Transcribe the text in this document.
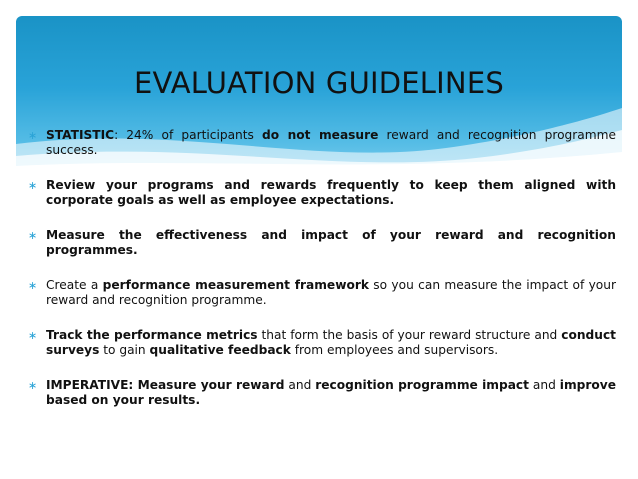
EVALUATION GUIDELINES
∗ STATISTIC: 24% of participants do not measure reward and recognition programme success.
∗ Review your programs and rewards frequently to keep them aligned with corporate goals as well as employee expectations.
∗ Measure the effectiveness and impact of your reward and recognition programmes.
∗ Create a performance measurement framework so you can measure the impact of your reward and recognition programme.
∗ Track the performance metrics that form the basis of your reward structure and conduct surveys to gain qualitative feedback from employees and supervisors.
∗ IMPERATIVE: Measure your reward and recognition programme impact and improve based on your results.
